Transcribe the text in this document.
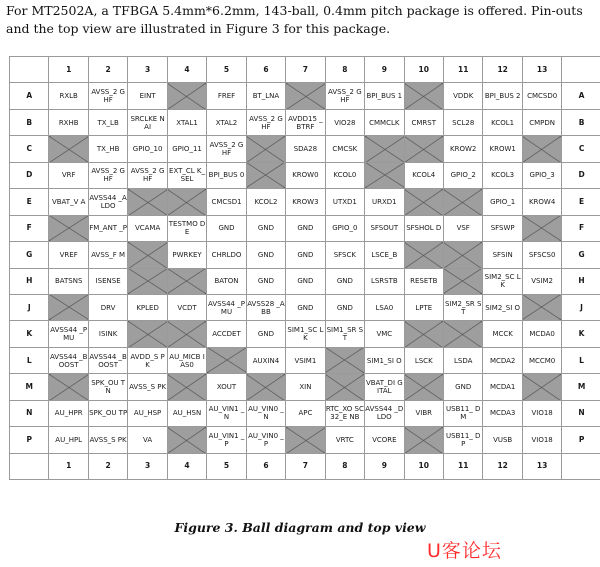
For MT2502A, a TFBGA 5.4mm*6.2mm, 143-ball, 0.4mm pitch package is offered. Pin-outs and the top view are illustrated in Figure 3 for this package.
	1	2	3	4	5	6	7	8	9	10	11	12	13	
A	RXLB	AVSS_2 GHF	EINT		FREF	BT_LNA		AVSS_2 GHF	BPI_BUS 1		VDDK	BPI_BUS 2	CMCSD0	A
B	RXHB	TX_LB	SRCLKE NAI	XTAL1	XTAL2	AVSS_2 GHF	AVDD15 _BTRF	VIO28	CMMCLK	CMRST	SCL28	KCOL1	CMPDN	B
C		TX_HB	GPIO_10	GPIO_11	AVSS_2 GHF		SDA28	CMCSK			KROW2	KROW1		C
D	VRF	AVSS_2 GHF	AVSS_2 GHF	EXT_CL K_SEL	BPI_BUS 0		KROW0	KCOL0		KCOL4	GPIO_2	KCOL3	GPIO_3	D
E	VBAT_V A	AVSS44 _ALDO			CMCSD1	KCOL2	KROW3	UTXD1	URXD1			GPIO_1	KROW4	E
F		FM_ANT _P	VCAMA	TESTMO DE	GND	GND	GND	GPIO_0	SFSOUT	SFSHOL D	VSF	SFSWP		F
G	VREF	AVSS_F M		PWRKEY	CHRLDO	GND	GND	SFSCK	LSCE_B			SFSIN	SFSCS0	G
H	BATSNS	ISENSE			BATON	GND	GND	GND	LSRSTB	RESETB		SIM2_SC LK	VSIM2	H
J		DRV	KPLED	VCDT	AVSS44 _PMU	AVSS28 _ABB	GND	GND	LSA0	LPTE	SIM2_SR ST	SIM2_SI O		J
K	AVSS44 _PMU	ISINK			ACCDET	GND	SIM1_SC LK	SIM1_SR ST	VMC			MCCK	MCDA0	K
L	AVSS44 _BOOST	AVSS44 _BOOST	AVDD_S PK	AU_MICB IAS0		AUXIN4	VSIM1		SIM1_SI O	LSCK	LSDA	MCDA2	MCCM0	L
M		SPK_OU TN	AVSS_S PK		XOUT		XIN		VBAT_DI GITAL		GND	MCDA1		M
N	AU_HPR	SPK_OU TP	AU_HSP	AU_HSN	AU_VIN1 _N	AU_VIN0 _N	APC	RTC_XO SC32_E NB	AVSS44 _DLDO	VIBR	USB11_ DM	MCDA3	VIO18	N
P	AU_HPL	AVSS_S PK	VA		AU_VIN1 _P	AU_VIN0 _P		VRTC	VCORE		USB11_ DP	VUSB	VIO18	P
	1	2	3	4	5	6	7	8	9	10	11	12	13	
Figure 3. Ball diagram and top view
U客论坛
